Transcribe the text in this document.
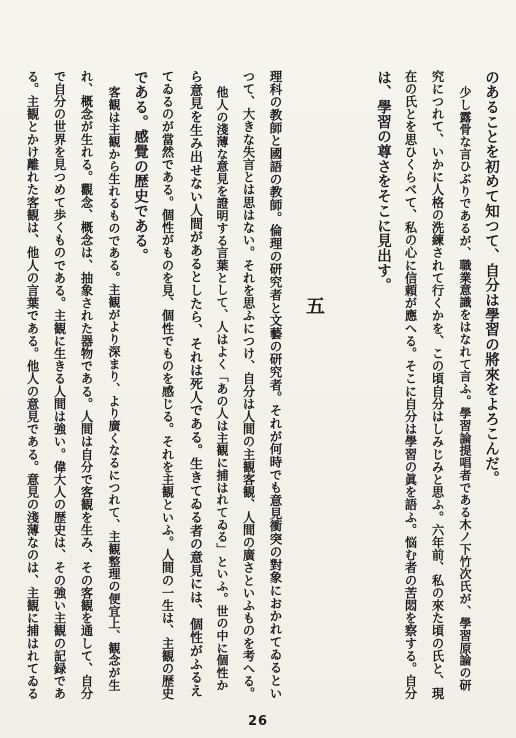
のあることを初めて知つて、自分は學習の將來をよろこんだ。
少し露骨な言ひぶりであるが、職業意識をはなれて言ふ。學習論提唱者である木ノ下竹次氏が、學習原論の研
究につれて、いかに人格の洗練されて行くかを、この頃自分はしみじみと思ふ。六年前、私の來た頃の氏と、現
在の氏とを思ひくらべて、私の心に信頼が應へる。そこに自分は學習の眞を語ふ。悩む者の苦悶を察する。自分
は、學習の尊さをそこに見出す。
五
理科の教師と國語の教師。倫理の研究者と文藝の研究者。それが何時でも意見衝突の對象におかれてゐるとい
つて、大きな失言とは思はない。それを思ふにつけ、自分は人間の主観客観、人間の廣さといふものを考へる。
他人の淺薄な意見を證明する言葉として、人はよく「あの人は主観に捕はれてゐる」といふ。世の中に個性か
ら意見を生み出せない人間があるとしたら、それは死人である。生きてゐる者の意見には、個性がふるえ
てゐるのが當然である。個性がものを見、個性でものを感じる。それを主観といふ。人間の一生は、主観の歴史
である。感覺の歴史である。
客観は主観から生れるものである。主観がより深まり、より廣くなるにつれて、主観整理の便宜上、観念が生
れ、概念が生れる。觀念、概念は、抽象された器物である。人間は自分で客観を生み、その客観を通して、自分
で自分の世界を見つめて歩くものである。主観に生きる人間は強い。偉大人の歴史は、その強い主観の記録であ
る。主観とかけ離れた客観は、他人の言葉である。他人の意見である。意見の淺薄なのは、主観に捕はれてゐる
26
